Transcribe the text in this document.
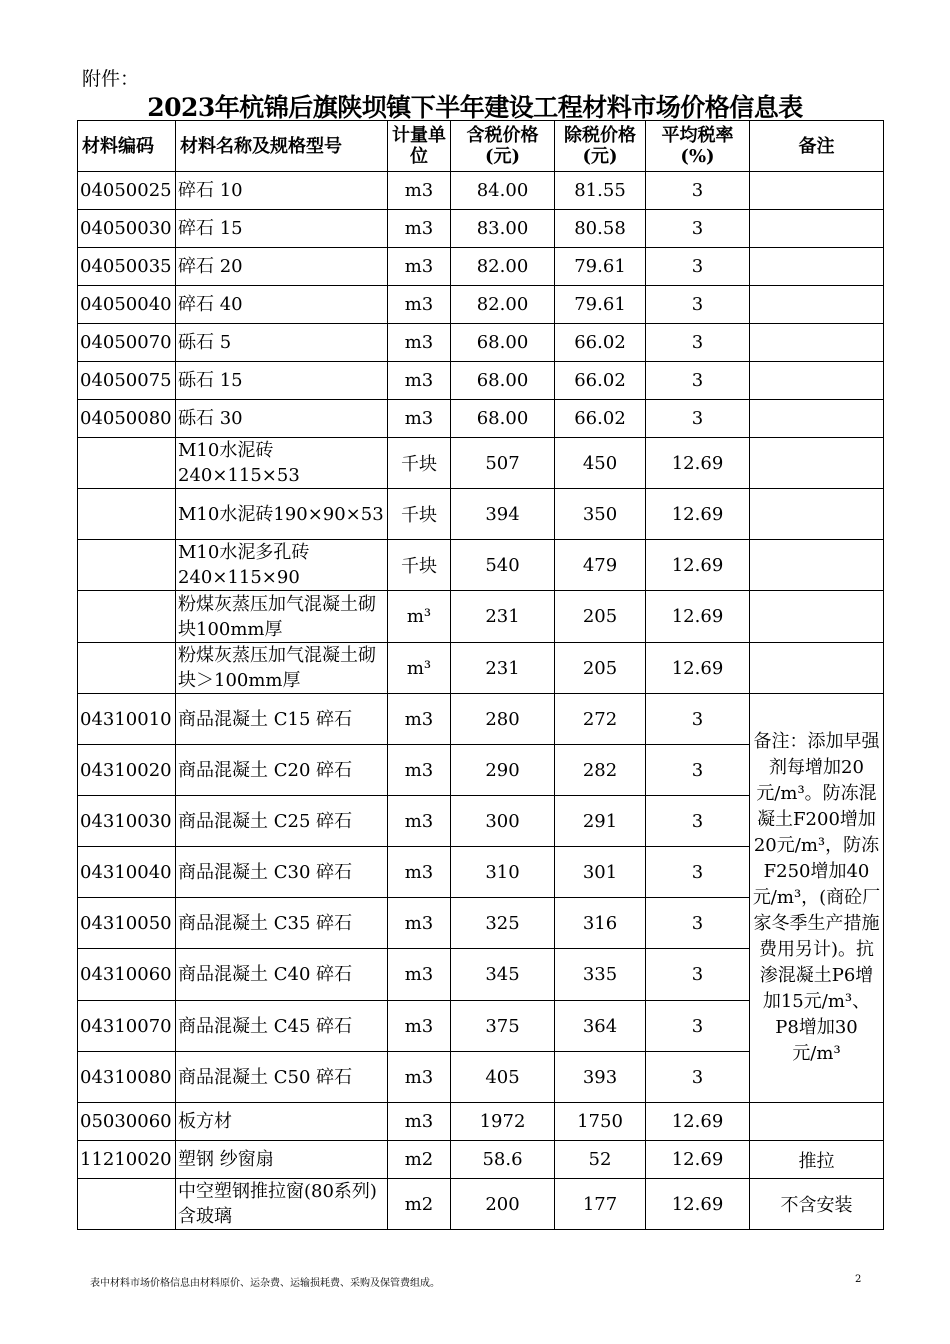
附件：
2023年杭锦后旗陕坝镇下半年建设工程材料市场价格信息表
材料编码	材料名称及规格型号	计量单位	含税价格(元)	除税价格(元)	平均税率(%)	备注
04050025	碎石 10	m3	84.00	81.55	3	
04050030	碎石 15	m3	83.00	80.58	3	
04050035	碎石 20	m3	82.00	79.61	3	
04050040	碎石 40	m3	82.00	79.61	3	
04050070	砾石 5	m3	68.00	66.02	3	
04050075	砾石 15	m3	68.00	66.02	3	
04050080	砾石 30	m3	68.00	66.02	3	
	M10水泥砖240×115×53	千块	507	450	12.69	
	M10水泥砖190×90×53	千块	394	350	12.69	
	M10水泥多孔砖240×115×90	千块	540	479	12.69	
	粉煤灰蒸压加气混凝土砌块100mm厚	m³	231	205	12.69	
	粉煤灰蒸压加气混凝土砌块＞100mm厚	m³	231	205	12.69	
04310010	商品混凝土 C15 碎石	m3	280	272	3	备注：添加早强剂每增加20元/m³。防冻混凝土F200增加20元/m³，防冻F250增加40元/m³，(商砼厂家冬季生产措施费用另计)。抗渗混凝土P6增加15元/m³、P8增加30元/m³
04310020	商品混凝土 C20 碎石	m3	290	282	3	
04310030	商品混凝土 C25 碎石	m3	300	291	3	
04310040	商品混凝土 C30 碎石	m3	310	301	3	
04310050	商品混凝土 C35 碎石	m3	325	316	3	
04310060	商品混凝土 C40 碎石	m3	345	335	3	
04310070	商品混凝土 C45 碎石	m3	375	364	3	
04310080	商品混凝土 C50 碎石	m3	405	393	3	
05030060	板方材	m3	1972	1750	12.69	
11210020	塑钢 纱窗扇	m2	58.6	52	12.69	推拉
	中空塑钢推拉窗(80系列)含玻璃	m2	200	177	12.69	不含安装
表中材料市场价格信息由材料原价、运杂费、运输损耗费、采购及保管费组成。	2
